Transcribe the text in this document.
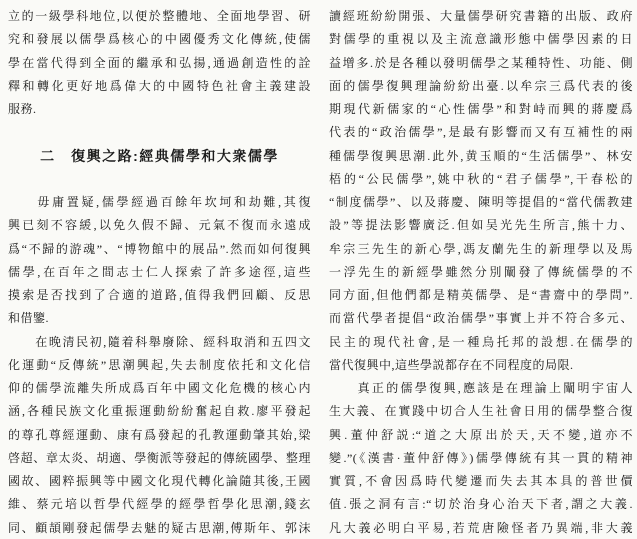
立的一級學科地位,以便於整體地、全面地學習、研
究和發展以儒學爲核心的中國優秀文化傳統,使儒
學在當代得到全面的繼承和弘揚,通過創造性的詮
釋和轉化更好地爲偉大的中國特色社會主義建設
服務.
二　復興之路:經典儒學和大衆儒學
　　毋庸置疑,儒學經過百餘年坎坷和劫難,其復
興已刻不容緩,以免久假不歸、元氣不復而永遠成
爲“不歸的游魂”、“博物館中的展品”.然而如何復興
儒學,在百年之間志士仁人探索了許多途徑,這些
摸索是否找到了合適的道路,值得我們回顧、反思
和借鑒.
　　在晚清民初,隨着科舉廢除、經科取消和五四文
化運動“反傳統”思潮興起,失去制度依托和文化信
仰的儒學流離失所成爲百年中國文化危機的核心内
涵,各種民族文化重振運動紛紛奮起自救.廖平發起
的尊孔尊經運動、康有爲發起的孔教運動肇其始,梁
啓超、章太炎、胡適、學衡派等發起的傳統國學、整理
國故、國粹振興等中國文化現代轉化論隨其後,王國
維、蔡元培以哲學代經學的經學哲學化思潮,錢玄
同、顧頡剛發起儒學去魅的疑古思潮,傅斯年、郭沫
讀經班紛紛開張、大量儒學研究書籍的出版、政府
對儒學的重視以及主流意識形態中儒學因素的日
益增多.於是各種以發明儒學之某種特性、功能、側
面的儒學復興理論紛紛出臺.以牟宗三爲代表的後
期現代新儒家的“心性儒學”和對峙而興的蔣慶爲
代表的“政治儒學”,是最有影響而又有互補性的兩
種儒學復興思潮.此外,黄玉順的“生活儒學”、林安
梧的“公民儒學”,姚中秋的“君子儒學”,干春松的
“制度儒學”、以及蔣慶、陳明等提倡的“當代儒教建
設”等提法影響廣泛.但如吴光先生所言,熊十力、
牟宗三先生的新心學,馮友蘭先生的新理學以及馬
一浮先生的新經學雖然分別闡發了傳統儒學的不
同方面,但他們都是精英儒學、是“書齋中的學問”.
而當代學者提倡“政治儒學”事實上并不符合多元、
民主的現代社會,是一種烏托邦的設想.在儒學的
當代復興中,這些學説都存在不同程度的局限.
　　真正的儒學復興,應該是在理論上闡明宇宙人
生大義、在實踐中切合人生社會日用的儒學整合復
興.董仲舒説:“道之大原出於天,天不變,道亦不
變.”(《漢書·董仲舒傳》)儒學傳統有其一貫的精神
實質,不會因爲時代變遷而失去其本具的普世價
值.張之洞有言:“切於治身心治天下者,謂之大義.
凡大義必明白平易,若荒唐險怪者乃異端,非大義
